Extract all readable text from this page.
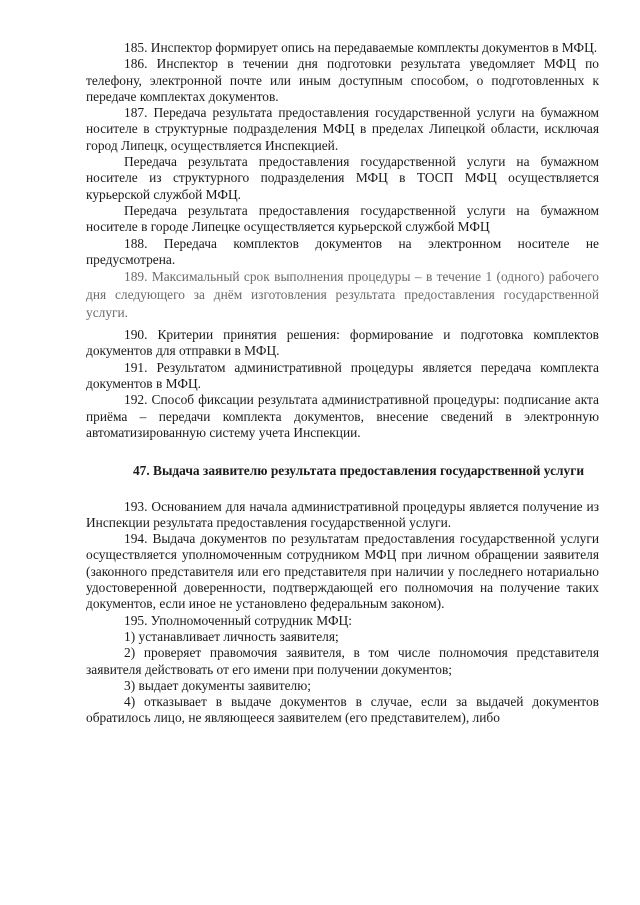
185. Инспектор формирует опись на передаваемые комплекты документов в МФЦ.

186. Инспектор в течении дня подготовки результата уведомляет МФЦ по телефону, электронной почте или иным доступным способом, о подготовленных к передаче комплектах документов.

187. Передача результата предоставления государственной услуги на бумажном носителе в структурные подразделения МФЦ в пределах Липецкой области, исключая город Липецк, осуществляется Инспекцией.

Передача результата предоставления государственной услуги на бумажном носителе из структурного подразделения МФЦ в ТОСП МФЦ осуществляется курьерской службой МФЦ.

Передача результата предоставления государственной услуги на бумажном носителе в городе Липецке осуществляется курьерской службой МФЦ

188. Передача комплектов документов на электронном носителе не предусмотрена.

189. Максимальный срок выполнения процедуры – в течение 1 (одного) рабочего дня следующего за днём изготовления результата предоставления государственной услуги.

190. Критерии принятия решения: формирование и подготовка комплектов документов для отправки в МФЦ.

191. Результатом административной процедуры является передача комплекта документов в МФЦ.

192. Способ фиксации результата административной процедуры: подписание акта приёма – передачи комплекта документов, внесение сведений в электронную автоматизированную систему учета Инспекции.

47. Выдача заявителю результата предоставления государственной услуги

193. Основанием для начала административной процедуры является получение из Инспекции результата предоставления государственной услуги.

194. Выдача документов по результатам предоставления государственной услуги осуществляется уполномоченным сотрудником МФЦ при личном обращении заявителя (законного представителя или его представителя при наличии у последнего нотариально удостоверенной доверенности, подтверждающей его полномочия на получение таких документов, если иное не установлено федеральным законом).

195. Уполномоченный сотрудник МФЦ:

1) устанавливает личность заявителя;

2) проверяет правомочия заявителя, в том числе полномочия представителя заявителя действовать от его имени при получении документов;

3) выдает документы заявителю;

4) отказывает в выдаче документов в случае, если за выдачей документов обратилось лицо, не являющееся заявителем (его представителем), либо
